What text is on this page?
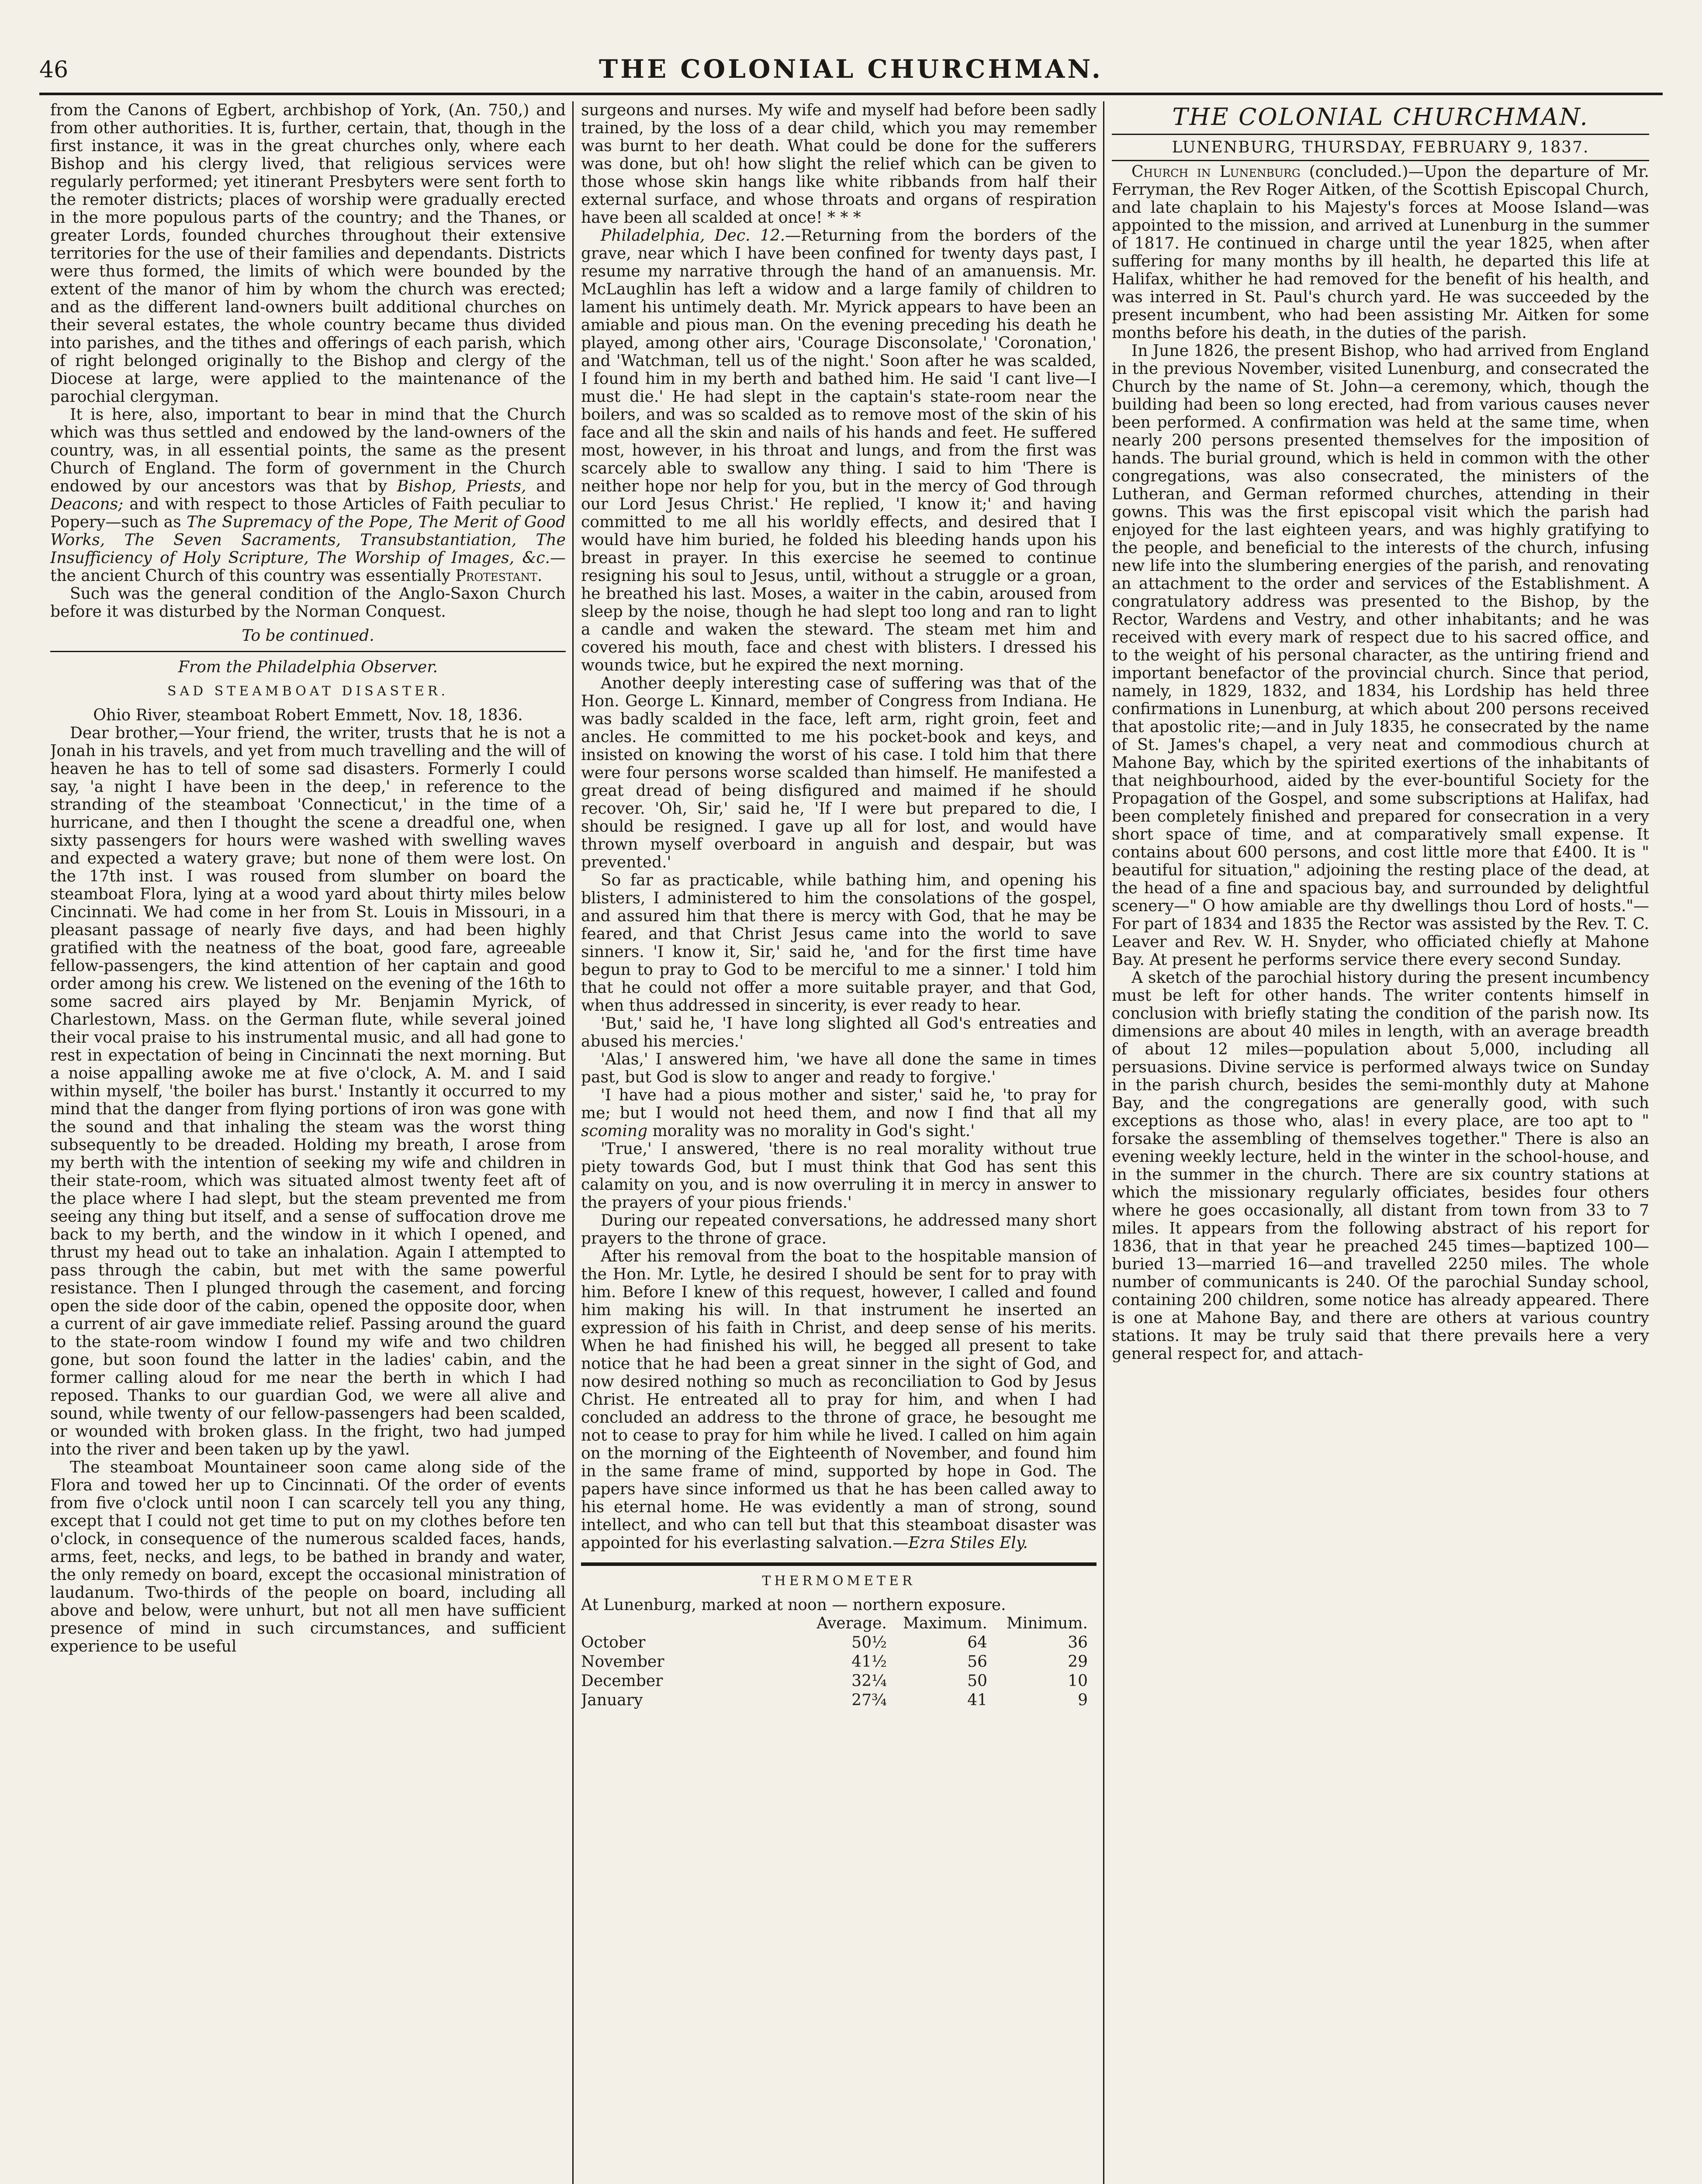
46	THE COLONIAL CHURCHMAN.

from the Canons of Egbert, archbishop of York, (An. 750,) and from other authorities. It is, further, certain, that, though in the first instance, it was in the great churches only, where each Bishop and his clergy lived, that religious services were regularly performed; yet itinerant Presbyters were sent forth to the remoter districts; places of worship were gradually erected in the more populous parts of the country; and the Thanes, or greater Lords, founded churches throughout their extensive territories for the use of their families and dependants. Districts were thus formed, the limits of which were bounded by the extent of the manor of him by whom the church was erected; and as the different land-owners built additional churches on their several estates, the whole country became thus divided into parishes, and the tithes and offerings of each parish, which of right belonged originally to the Bishop and clergy of the Diocese at large, were applied to the maintenance of the parochial clergyman.

It is here, also, important to bear in mind that the Church which was thus settled and endowed by the land-owners of the country, was, in all essential points, the same as the present Church of England. The form of government in the Church endowed by our ancestors was that by Bishop, Priests, and Deacons; and with respect to those Articles of Faith peculiar to Popery—such as The Supremacy of the Pope, The Merit of Good Works, The Seven Sacraments, Transubstantiation, The Insufficiency of Holy Scripture, The Worship of Images, &c.—the ancient Church of this country was essentially Protestant.

Such was the general condition of the Anglo-Saxon Church before it was disturbed by the Norman Conquest.

To be continued.

From the Philadelphia Observer.

SAD STEAMBOAT DISASTER.

Ohio River, steamboat Robert Emmett, Nov. 18, 1836.

Dear brother,—Your friend, the writer, trusts that he is not a Jonah in his travels, and yet from much travelling and the will of heaven he has to tell of some sad disasters. Formerly I could say, 'a night I have been in the deep,' in reference to the stranding of the steamboat 'Connecticut,' in the time of a hurricane, and then I thought the scene a dreadful one, when sixty passengers for hours were washed with swelling waves and expected a watery grave; but none of them were lost. On the 17th inst. I was roused from slumber on board the steamboat Flora, lying at a wood yard about thirty miles below Cincinnati. We had come in her from St. Louis in Missouri, in a pleasant passage of nearly five days, and had been highly gratified with the neatness of the boat, good fare, agreeable fellow-passengers, the kind attention of her captain and good order among his crew. We listened on the evening of the 16th to some sacred airs played by Mr. Benjamin Myrick, of Charlestown, Mass. on the German flute, while several joined their vocal praise to his instrumental music, and all had gone to rest in expectation of being in Cincinnati the next morning. But a noise appalling awoke me at five o'clock, A. M. and I said within myself, 'the boiler has burst.' Instantly it occurred to my mind that the danger from flying portions of iron was gone with the sound and that inhaling the steam was the worst thing subsequently to be dreaded. Holding my breath, I arose from my berth with the intention of seeking my wife and children in their state-room, which was situated almost twenty feet aft of the place where I had slept, but the steam prevented me from seeing any thing but itself, and a sense of suffocation drove me back to my berth, and the window in it which I opened, and thrust my head out to take an inhalation. Again I attempted to pass through the cabin, but met with the same powerful resistance. Then I plunged through the casement, and forcing open the side door of the cabin, opened the opposite door, when a current of air gave immediate relief. Passing around the guard to the state-room window I found my wife and two children gone, but soon found the latter in the ladies' cabin, and the former calling aloud for me near the berth in which I had reposed. Thanks to our guardian God, we were all alive and sound, while twenty of our fellow-passengers had been scalded, or wounded with broken glass. In the fright, two had jumped into the river and been taken up by the yawl.

The steamboat Mountaineer soon came along side of the Flora and towed her up to Cincinnati. Of the order of events from five o'clock until noon I can scarcely tell you any thing, except that I could not get time to put on my clothes before ten o'clock, in consequence of the numerous scalded faces, hands, arms, feet, necks, and legs, to be bathed in brandy and water, the only remedy on board, except the occasional ministration of laudanum. Two-thirds of the people on board, including all above and below, were unhurt, but not all men have sufficient presence of mind in such circumstances, and sufficient experience to be useful

surgeons and nurses. My wife and myself had before been sadly trained, by the loss of a dear child, which you may remember was burnt to her death. What could be done for the sufferers was done, but oh! how slight the relief which can be given to those whose skin hangs like white ribbands from half their external surface, and whose throats and organs of respiration have been all scalded at once! * * *

Philadelphia, Dec. 12.—Returning from the borders of the grave, near which I have been confined for twenty days past, I resume my narrative through the hand of an amanuensis. Mr. McLaughlin has left a widow and a large family of children to lament his untimely death. Mr. Myrick appears to have been an amiable and pious man. On the evening preceding his death he played, among other airs, 'Courage Disconsolate,' 'Coronation,' and 'Watchman, tell us of the night.' Soon after he was scalded, I found him in my berth and bathed him. He said 'I cant live—I must die.' He had slept in the captain's state-room near the boilers, and was so scalded as to remove most of the skin of his face and all the skin and nails of his hands and feet. He suffered most, however, in his throat and lungs, and from the first was scarcely able to swallow any thing. I said to him 'There is neither hope nor help for you, but in the mercy of God through our Lord Jesus Christ.' He replied, 'I know it;' and having committed to me all his worldly effects, and desired that I would have him buried, he folded his bleeding hands upon his breast in prayer. In this exercise he seemed to continue resigning his soul to Jesus, until, without a struggle or a groan, he breathed his last. Moses, a waiter in the cabin, aroused from sleep by the noise, though he had slept too long and ran to light a candle and waken the steward. The steam met him and covered his mouth, face and chest with blisters. I dressed his wounds twice, but he expired the next morning.

Another deeply interesting case of suffering was that of the Hon. George L. Kinnard, member of Congress from Indiana. He was badly scalded in the face, left arm, right groin, feet and ancles. He committed to me his pocket-book and keys, and insisted on knowing the worst of his case. I told him that there were four persons worse scalded than himself. He manifested a great dread of being disfigured and maimed if he should recover. 'Oh, Sir,' said he, 'If I were but prepared to die, I should be resigned. I gave up all for lost, and would have thrown myself overboard in anguish and despair, but was prevented.'

So far as practicable, while bathing him, and opening his blisters, I administered to him the consolations of the gospel, and assured him that there is mercy with God, that he may be feared, and that Christ Jesus came into the world to save sinners. 'I know it, Sir,' said he, 'and for the first time have begun to pray to God to be merciful to me a sinner.' I told him that he could not offer a more suitable prayer, and that God, when thus addressed in sincerity, is ever ready to hear.

'But,' said he, 'I have long slighted all God's entreaties and abused his mercies.'

'Alas,' I answered him, 'we have all done the same in times past, but God is slow to anger and ready to forgive.'

'I have had a pious mother and sister,' said he, 'to pray for me; but I would not heed them, and now I find that all my scoming morality was no morality in God's sight.'

'True,' I answered, 'there is no real morality without true piety towards God, but I must think that God has sent this calamity on you, and is now overruling it in mercy in answer to the prayers of your pious friends.'

During our repeated conversations, he addressed many short prayers to the throne of grace.

After his removal from the boat to the hospitable mansion of the Hon. Mr. Lytle, he desired I should be sent for to pray with him. Before I knew of this request, however, I called and found him making his will. In that instrument he inserted an expression of his faith in Christ, and deep sense of his merits. When he had finished his will, he begged all present to take notice that he had been a great sinner in the sight of God, and now desired nothing so much as reconciliation to God by Jesus Christ. He entreated all to pray for him, and when I had concluded an address to the throne of grace, he besought me not to cease to pray for him while he lived. I called on him again on the morning of the Eighteenth of November, and found him in the same frame of mind, supported by hope in God. The papers have since informed us that he has been called away to his eternal home. He was evidently a man of strong, sound intellect, and who can tell but that this steamboat disaster was appointed for his everlasting salvation.—Ezra Stiles Ely.

THERMOMETER

At Lunenburg, marked at noon — northern exposure.

Average.	Maximum.	Minimum.
October	50½	64	36
November	41½	56	29
December	32¼	50	10
January	27¾	41	9
THE COLONIAL CHURCHMAN.
LUNENBURG, THURSDAY, FEBRUARY 9, 1837.

Church in Lunenburg (concluded.)—Upon the departure of Mr. Ferryman, the Rev Roger Aitken, of the Scottish Episcopal Church, and late chaplain to his Majesty's forces at Moose Island—was appointed to the mission, and arrived at Lunenburg in the summer of 1817. He continued in charge until the year 1825, when after suffering for many months by ill health, he departed this life at Halifax, whither he had removed for the benefit of his health, and was interred in St. Paul's church yard. He was succeeded by the present incumbent, who had been assisting Mr. Aitken for some months before his death, in the duties of the parish.

In June 1826, the present Bishop, who had arrived from England in the previous November, visited Lunenburg, and consecrated the Church by the name of St. John—a ceremony, which, though the building had been so long erected, had from various causes never been performed. A confirmation was held at the same time, when nearly 200 persons presented themselves for the imposition of hands. The burial ground, which is held in common with the other congregations, was also consecrated, the ministers of the Lutheran, and German reformed churches, attending in their gowns. This was the first episcopal visit which the parish had enjoyed for the last eighteen years, and was highly gratifying to the people, and beneficial to the interests of the church, infusing new life into the slumbering energies of the parish, and renovating an attachment to the order and services of the Establishment. A congratulatory address was presented to the Bishop, by the Rector, Wardens and Vestry, and other inhabitants; and he was received with every mark of respect due to his sacred office, and to the weight of his personal character, as the untiring friend and important benefactor of the provincial church. Since that period, namely, in 1829, 1832, and 1834, his Lordship has held three confirmations in Lunenburg, at which about 200 persons received that apostolic rite;—and in July 1835, he consecrated by the name of St. James's chapel, a very neat and commodious church at Mahone Bay, which by the spirited exertions of the inhabitants of that neighbourhood, aided by the ever-bountiful Society for the Propagation of the Gospel, and some subscriptions at Halifax, had been completely finished and prepared for consecration in a very short space of time, and at comparatively small expense. It contains about 600 persons, and cost little more that £400. It is " beautiful for situation," adjoining the resting place of the dead, at the head of a fine and spacious bay, and surrounded by delightful scenery—" O how amiable are thy dwellings thou Lord of hosts."—For part of 1834 and 1835 the Rector was assisted by the Rev. T. C. Leaver and Rev. W. H. Snyder, who officiated chiefly at Mahone Bay. At present he performs service there every second Sunday.

A sketch of the parochial history during the present incumbency must be left for other hands. The writer contents himself in conclusion with briefly stating the condition of the parish now. Its dimensions are about 40 miles in length, with an average breadth of about 12 miles—population about 5,000, including all persuasions. Divine service is performed always twice on Sunday in the parish church, besides the semi-monthly duty at Mahone Bay, and the congregations are generally good, with such exceptions as those who, alas! in every place, are too apt to " forsake the assembling of themselves together." There is also an evening weekly lecture, held in the winter in the school-house, and in the summer in the church. There are six country stations at which the missionary regularly officiates, besides four others where he goes occasionally, all distant from town from 33 to 7 miles. It appears from the following abstract of his report for 1836, that in that year he preached 245 times—baptized 100—buried 13—married 16—and travelled 2250 miles. The whole number of communicants is 240. Of the parochial Sunday school, containing 200 children, some notice has already appeared. There is one at Mahone Bay, and there are others at various country stations. It may be truly said that there prevails here a very general respect for, and attach-
